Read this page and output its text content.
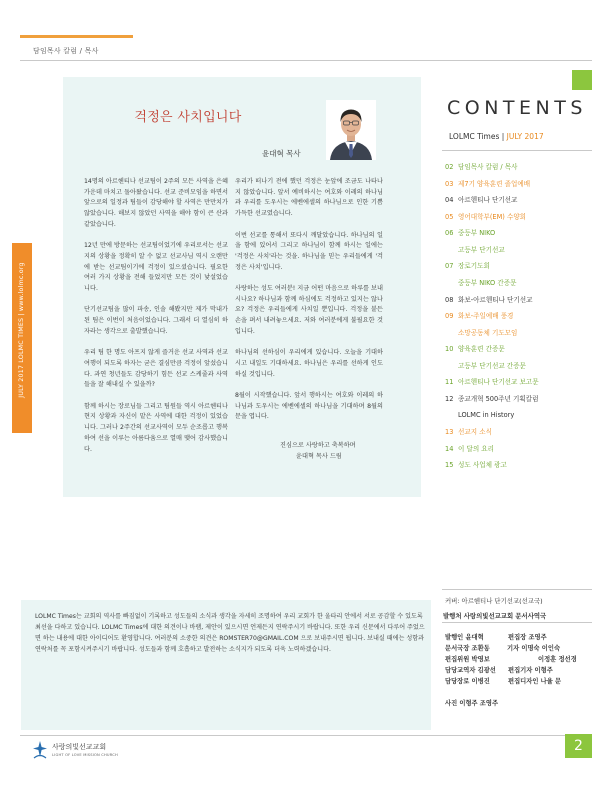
담임목사 칼럼 / 목사
JULY 2017 LOLMC TIMES | www.lolmc.org
걱정은 사치입니다
윤대혁 목사

14명의 아르헨티나 선교팀이 2주의 모든 사역을 은혜 가운데 마치고 돌아왔습니다. 선교 준비모임을 하면서 앞으로의 일정과 팀들이 감당해야 할 사역은 만만치가 않았습니다. 해보지 않았던 사역을 해야 함이 큰 산과 같았습니다.

12년 만에 방문하는 선교팀이었기에 우리로서는 선교지의 상황을 정확히 알 수 없고 선교사님 역시 오랜만에 받는 선교팀이기에 걱정이 있으셨습니다. 필요한 여러 가지 상황을 전해 들었지만 모든 것이 낯설었습니다.

단기선교팀을 많이 파송, 인솔 해봤지만 제가 막내가 된 팀은 이번이 처음이었습니다. 그래서 더 열심히 하자라는 생각으로 출발했습니다.

우리 팀 한 명도 아프지 않게 즐거운 선교 사역과 선교여행이 되도록 하자는 굳은 결심만큼 걱정이 앞섰습니다. 과연 청년들도 감당하기 힘든 선교 스케줄과 사역들을 잘 해내실 수 있을까?

함께 하시는 장로님들 그리고 팀원들 역시 아르헨티나 현지 상황과 자신이 맡은 사역에 대한 걱정이 있었습니다. 그러나 2주간의 선교사역이 모두 순조롭고 행복하여 선을 이루는 아름다움으로 열매 맺어 감사했습니다.

우리가 떠나기 전에 했던 걱정은 눈앞에 조금도 나타나지 않았습니다. 앞서 예비하시는 여호와 이레의 하나님과 우리를 도우시는 에벤에셀의 하나님으로 인한 기쁨가득한 선교였습니다.

이번 선교를 통해서 또다시 깨달았습니다. 하나님의 일을 함에 있어서 그리고 하나님이 함께 하시는 일에는 '걱정은 사치'라는 것을. 하나님을 믿는 우리들에게 '걱정은 사치'입니다.

사랑하는 성도 여러분! 지금 어떤 마음으로 하루를 보내시나요? 하나님과 함께 하심에도 걱정하고 있지는 않나요? 걱정은 우리들에게 사치일 뿐입니다. 걱정을 붙든 손을 펴서 내려놓으세요. 저와 여러분에게 불필요한 것입니다.

하나님의 선하심이 우리에게 있습니다. 오늘을 기대하시고 내일도 기대하세요. 하나님은 우리를 선하게 인도하실 것입니다.

8월이 시작했습니다. 앞서 행하시는 여호와 이레의 하나님과 도우시는 에벤에셀의 하나님을 기대하며 8월의 문을 엽니다.

진심으로 사랑하고 축복하며
윤대혁 목사 드림
CONTENTS
LOLMC Times | JULY 2017
02 담임목사 칼럼 / 목사
03 제7기 양육훈련 졸업예배
04 아르헨티나 단기선교
05 영어대학부(EM) 수양회
06 중등부 NIKO
고등부 단기선교
07 장로기도회
중등부 NIKO 간증문
08 화보-아르헨티나 단기선교
09 화보-주일예배 풍경
소망공동체 기도모임
10 양육훈련 간증문
고등부 단기선교 간증문
11 아르헨티나 단기선교 보고문
12 종교개혁 500주년 기획칼럼
LOLMC in History
13 선교지 소식
14 이 달의 요리
15 성도 사업체 광고
커버: 아르헨티나 단기선교(선교국)
LOLMC Times는 교회의 역사를 빠짐없이 기록하고 성도들의 소식과 생각을 자세히 조명하여 우리 교회가 한 울타리 안에서 서로 공감할 수 있도록 최선을 다하고 있습니다. LOLMC Times에 대한 의견이나 바램, 제안이 있으시면 언제든지 연락주시기 바랍니다. 또한 우리 신문에서 다루어 주었으면 하는 내용에 대한 아이디어도 환영합니다. 여러분의 소중한 의견은 ROMSTER70@GMAIL.COM 으로 보내주시면 됩니다. 보내실 때에는 성함과 연락처를 꼭 포함시켜주시기 바랍니다. 성도들과 함께 호흡하고 발전하는 소식지가 되도록 더욱 노력하겠습니다.
발행처 사랑의빛선교교회 문서사역국
발행인 윤대혁
문서국장 조환동
편집위원 박영보
담당교역자 김광선
담당장로 이병진
편집장 조영주
기자 이명숙 이인숙
이정훈 정선경
편집기자 이형주
편집디자인 나율 문
사진 이형주 조영주
사랑의빛선교교회
LIGHT OF LOVE MISSION CHURCH
2
